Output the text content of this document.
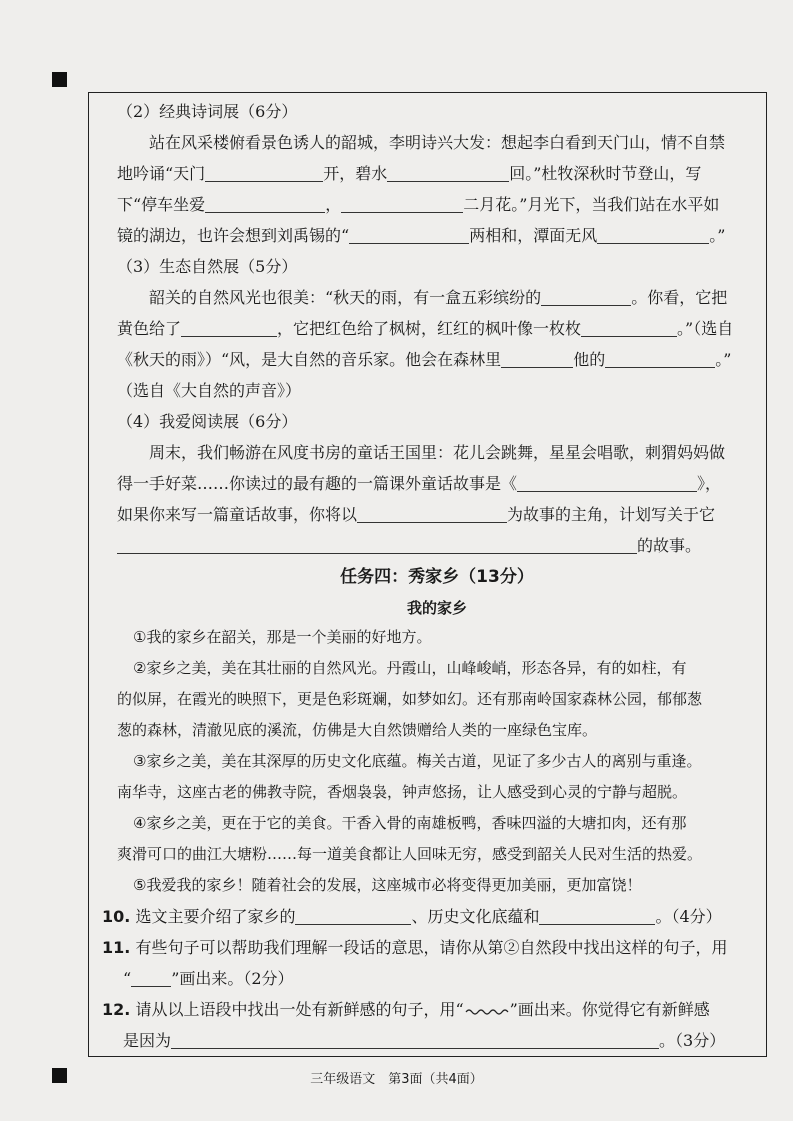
（2）经典诗词展（6分）
站在风采楼俯看景色诱人的韶城，李明诗兴大发：想起李白看到天门山，情不自禁
地吟诵“天门	开，碧水	回。”杜牧深秋时节登山，写
下“停车坐爱	，	二月花。”月光下，当我们站在水平如
镜的湖边，也许会想到刘禹锡的“	两相和，潭面无风	。”
（3）生态自然展（5分）
韶关的自然风光也很美：“秋天的雨，有一盒五彩缤纷的	。你看，它把
黄色给了	，它把红色给了枫树，红红的枫叶像一枚枚	。”（选自
《秋天的雨》）“风，是大自然的音乐家。他会在森林里	他的	。”
（选自《大自然的声音》）
（4）我爱阅读展（6分）
周末，我们畅游在风度书房的童话王国里：花儿会跳舞，星星会唱歌，刺猬妈妈做
得一手好菜……你读过的最有趣的一篇课外童话故事是《	》，
如果你来写一篇童话故事，你将以	为故事的主角，计划写关于它
的故事。
任务四：秀家乡（13分）
我的家乡
①我的家乡在韶关，那是一个美丽的好地方。
②家乡之美，美在其壮丽的自然风光。丹霞山，山峰峻峭，形态各异，有的如柱，有
的似屏，在霞光的映照下，更是色彩斑斓，如梦如幻。还有那南岭国家森林公园，郁郁葱
葱的森林，清澈见底的溪流，仿佛是大自然馈赠给人类的一座绿色宝库。
③家乡之美，美在其深厚的历史文化底蕴。梅关古道，见证了多少古人的离别与重逢。
南华寺，这座古老的佛教寺院，香烟袅袅，钟声悠扬，让人感受到心灵的宁静与超脱。
④家乡之美，更在于它的美食。干香入骨的南雄板鸭，香味四溢的大塘扣肉，还有那
爽滑可口的曲江大塘粉……每一道美食都让人回味无穷，感受到韶关人民对生活的热爱。
⑤我爱我的家乡！随着社会的发展，这座城市必将变得更加美丽，更加富饶！
10. 选文主要介绍了家乡的	、历史文化底蕴和	。（4分）
11. 有些句子可以帮助我们理解一段话的意思，请你从第②自然段中找出这样的句子，用
“	”画出来。（2分）
12. 请从以上语段中找出一处有新鲜感的句子，用“	”画出来。你觉得它有新鲜感
是因为	。（3分）
三年级语文　第3面（共4面）
